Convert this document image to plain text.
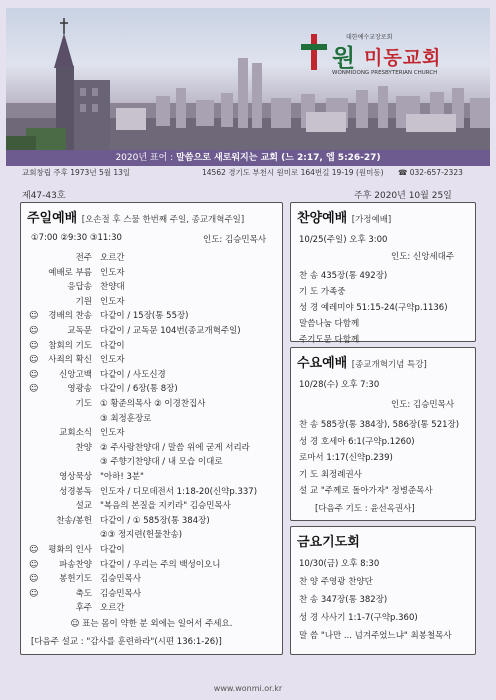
대한예수교장로회
원 미동교회
WONMIDONG PRESBYTERIAN CHURCH
2020년 표어 : 말씀으로 새로워지는 교회 (느 2:17, 엡 5:26-27)
교회창립 주후 1973년 5월 13일	14562 경기도 부천시 원미로 164번길 19-19 (원미동) ☎ 032-657-2323
제47-43호	주후 2020년 10월 25일
주일예배 [오손절 후 스물 한번째 주일, 종교개혁주일]
①7:00 ②9:30 ③11:30	인도: 김승민목사
전주 오르간
예배로 부름 인도자
응답송 찬양대
기원 인도자
☺ 경배의 찬송 다같이 / 15장(통 55장)
☺	교독문 다같이 / 교독문 104번(종교개혁주일)
☺ 참회의 기도 다같이
☺ 사죄의 확신 인도자
☺ 신앙고백 다같이 / 사도신경
☺	영광송 다같이 / 6장(통 8장)
기도 ① 황준의목사 ② 이경찬집사
③ 최정훈장로
교회소식 인도자
찬양 ② 주사랑찬양대 / 말씀 위에 굳게 서리라
③ 주향기찬양대 / 내 모습 이대로
영상묵상 "아하! 3분"
성경봉독 인도자 / 디모데전서 1:18-20(신약p.337)
설교 "복음의 본질을 지키라" 김승민목사
찬송/봉헌 다같이 / ① 585장(통 384장)
②③ 정지련(헌물찬송)
☺ 평화의 인사 다같이
☺ 파송찬양 다같이 / 우리는 주의 백성이오니
☺ 봉헌기도 김승민목사
☺	축도 김승민목사
후주 오르간
☺ 표는 몸이 약한 분 외에는 일어서 주세요.
[다음주 설교 : "감사를 훈련하라"(시편 136:1-26)]
찬양예배 [가정예배]
10/25(주일) 오후 3:00
인도: 신앙세대주
찬 송 435장(통 492장)
기 도 가족중
성 경 예레미야 51:15-24(구약p.1136)
말씀나눔 다함께
주기도문 다함께
수요예배 [종교개혁기념 특강]
10/28(수) 오후 7:30
인도: 김승민목사
찬 송 585장(통 384장), 586장(통 521장)
성 경 호세아 6:1(구약p.1260)
로마서 1:17(신약p.239)
기 도 최정례권사
설 교 "주께로 돌아가자" 정병준목사
[다음주 기도 : 윤선옥권사]
금요기도회
10/30(금) 오후 8:30
찬 양 주영광 찬양단
찬 송 347장(통 382장)
성 경 사사기 1:1-7(구약p.360)
말 씀 "나만 ... 넘겨주었느냐" 최봉철목사
www.wonmi.or.kr
